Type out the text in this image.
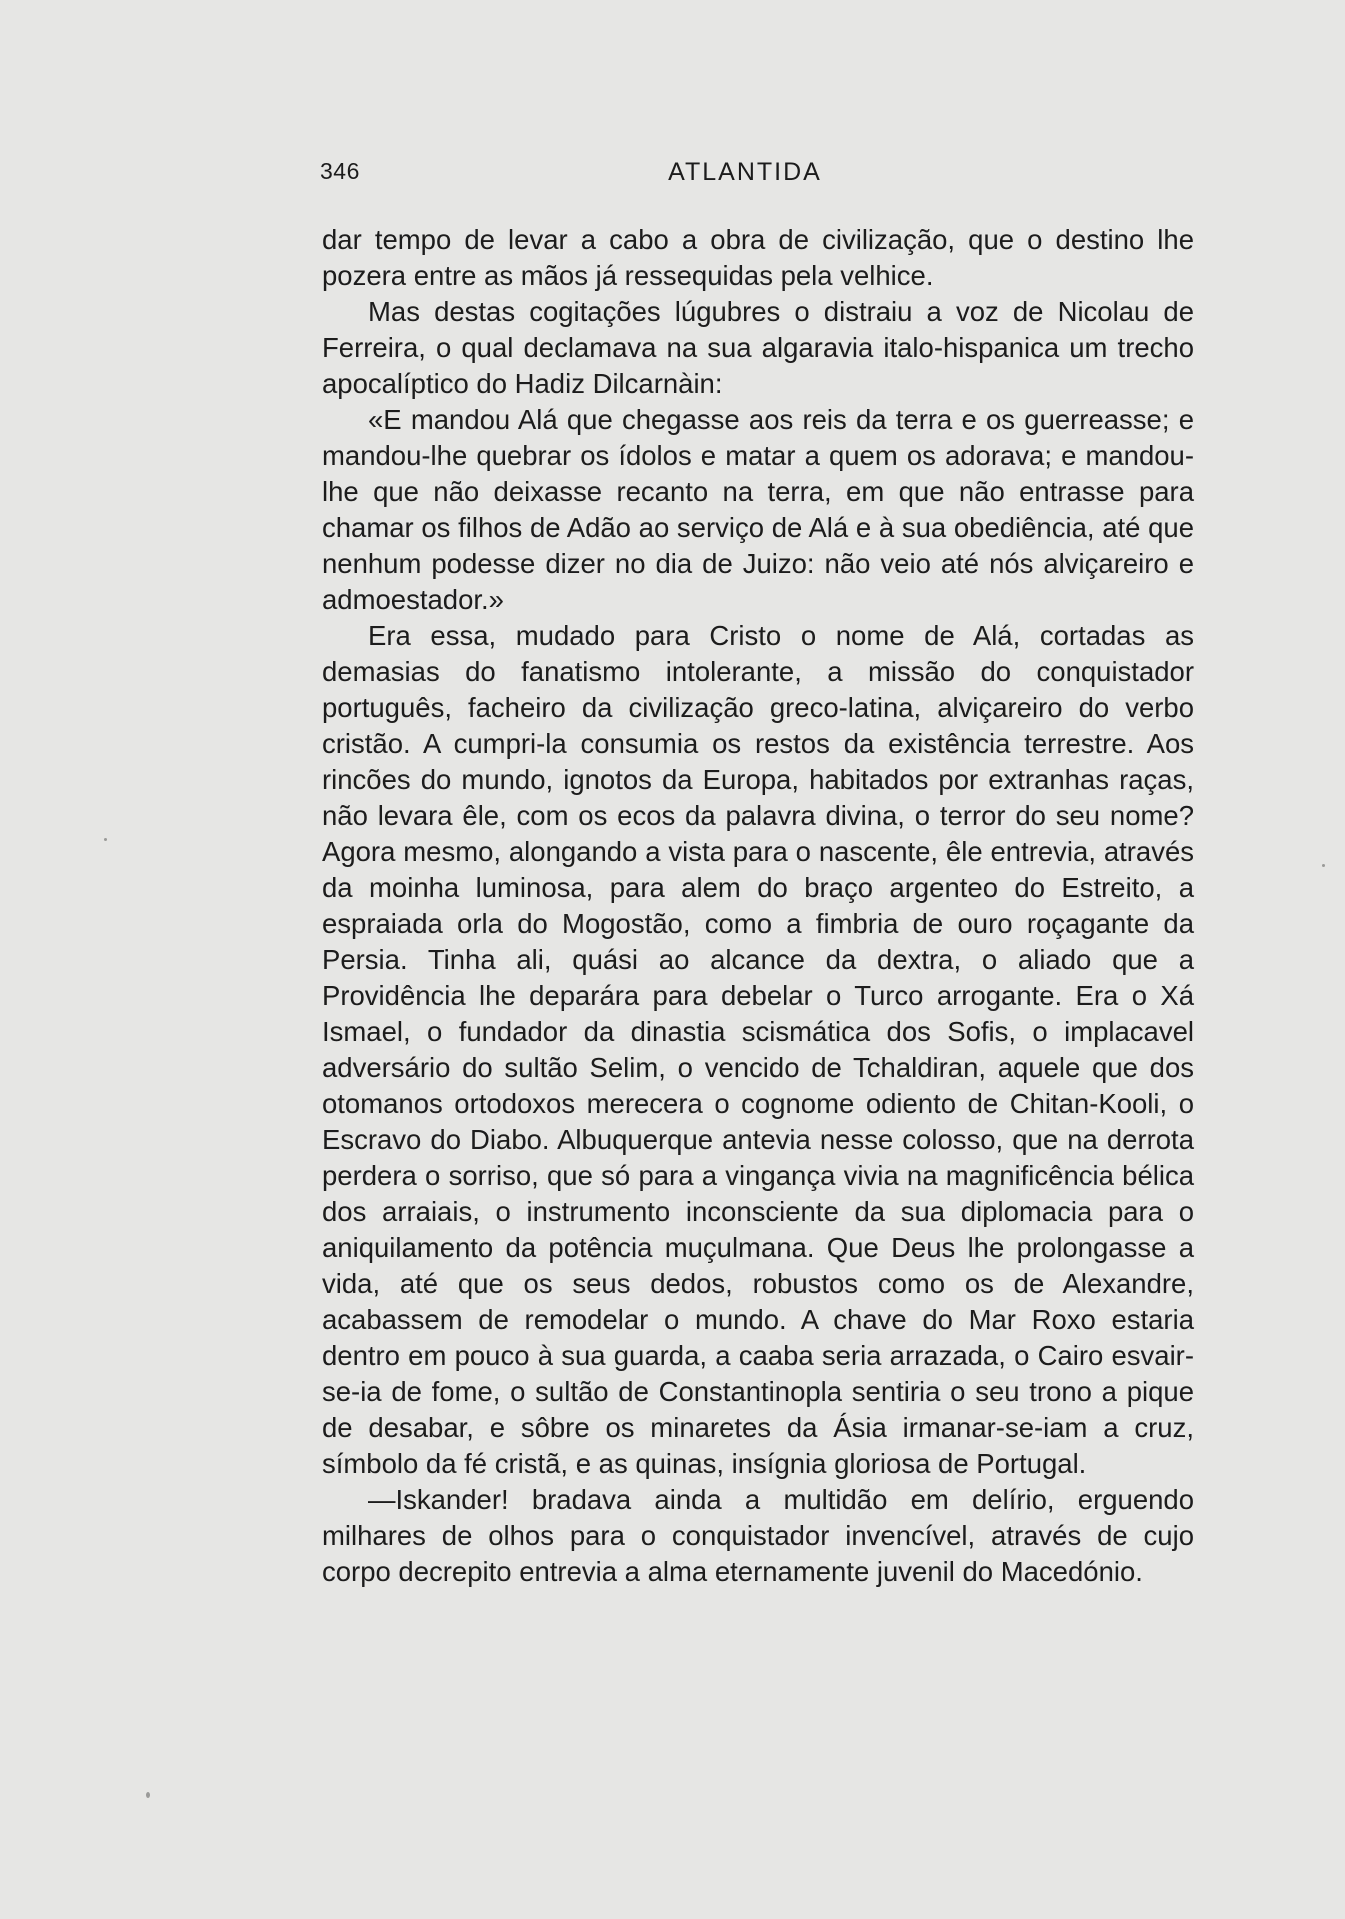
346	ATLANTIDA

dar tempo de levar a cabo a obra de civilização, que o destino lhe pozera entre as mãos já ressequidas pela velhice.

Mas destas cogitações lúgubres o distraiu a voz de Nicolau de Ferreira, o qual declamava na sua algaravia italo-hispanica um trecho apocalíptico do Hadiz Dilcarnàin:

«E mandou Alá que chegasse aos reis da terra e os guerreasse; e mandou-lhe quebrar os ídolos e matar a quem os adorava; e mandou-lhe que não deixasse recanto na terra, em que não entrasse para chamar os filhos de Adão ao serviço de Alá e à sua obediência, até que nenhum podesse dizer no dia de Juizo: não veio até nós alviçareiro e admoestador.»

Era essa, mudado para Cristo o nome de Alá, cortadas as demasias do fanatismo intolerante, a missão do conquistador português, facheiro da civilização greco-latina, alviçareiro do verbo cristão. A cumpri-la consumia os restos da existência terrestre. Aos rincões do mundo, ignotos da Europa, habitados por extranhas raças, não levara êle, com os ecos da palavra divina, o terror do seu nome? Agora mesmo, alongando a vista para o nascente, êle entrevia, através da moinha luminosa, para alem do braço argenteo do Estreito, a espraiada orla do Mogostão, como a fimbria de ouro roçagante da Persia. Tinha ali, quási ao alcance da dextra, o aliado que a Providência lhe deparára para debelar o Turco arrogante. Era o Xá Ismael, o fundador da dinastia scismática dos Sofis, o implacavel adversário do sultão Selim, o vencido de Tchaldiran, aquele que dos otomanos ortodoxos merecera o cognome odiento de Chitan-Kooli, o Escravo do Diabo. Albuquerque antevia nesse colosso, que na derrota perdera o sorriso, que só para a vingança vivia na magnificência bélica dos arraiais, o instrumento inconsciente da sua diplomacia para o aniquilamento da potência muçulmana. Que Deus lhe prolongasse a vida, até que os seus dedos, robustos como os de Alexandre, acabassem de remodelar o mundo. A chave do Mar Roxo estaria dentro em pouco à sua guarda, a caaba seria arrazada, o Cairo esvair-se-ia de fome, o sultão de Constantinopla sentiria o seu trono a pique de desabar, e sôbre os minaretes da Ásia irmanar-se-iam a cruz, símbolo da fé cristã, e as quinas, insígnia gloriosa de Portugal.

—Iskander! bradava ainda a multidão em delírio, erguendo milhares de olhos para o conquistador invencível, através de cujo corpo decrepito entrevia a alma eternamente juvenil do Macedónio.
